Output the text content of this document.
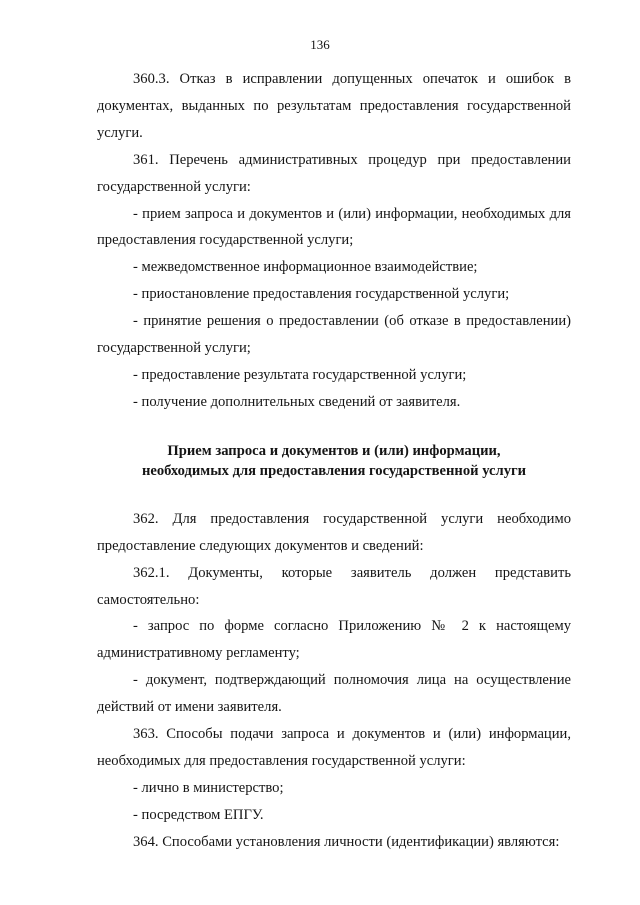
136

360.3. Отказ в исправлении допущенных опечаток и ошибок в документах, выданных по результатам предоставления государственной услуги.

361. Перечень административных процедур при предоставлении государственной услуги:

- прием запроса и документов и (или) информации, необходимых для предоставления государственной услуги;

- межведомственное информационное взаимодействие;

- приостановление предоставления государственной услуги;

- принятие решения о предоставлении (об отказе в предоставлении) государственной услуги;

- предоставление результата государственной услуги;

- получение дополнительных сведений от заявителя.

Прием запроса и документов и (или) информации,
необходимых для предоставления государственной услуги

362. Для предоставления государственной услуги необходимо предоставление следующих документов и сведений:

362.1. Документы, которые заявитель должен представить самостоятельно:

- запрос по форме согласно Приложению № 2 к настоящему административному регламенту;

- документ, подтверждающий полномочия лица на осуществление действий от имени заявителя.

363. Способы подачи запроса и документов и (или) информации, необходимых для предоставления государственной услуги:

- лично в министерство;

- посредством ЕПГУ.

364. Способами установления личности (идентификации) являются:
